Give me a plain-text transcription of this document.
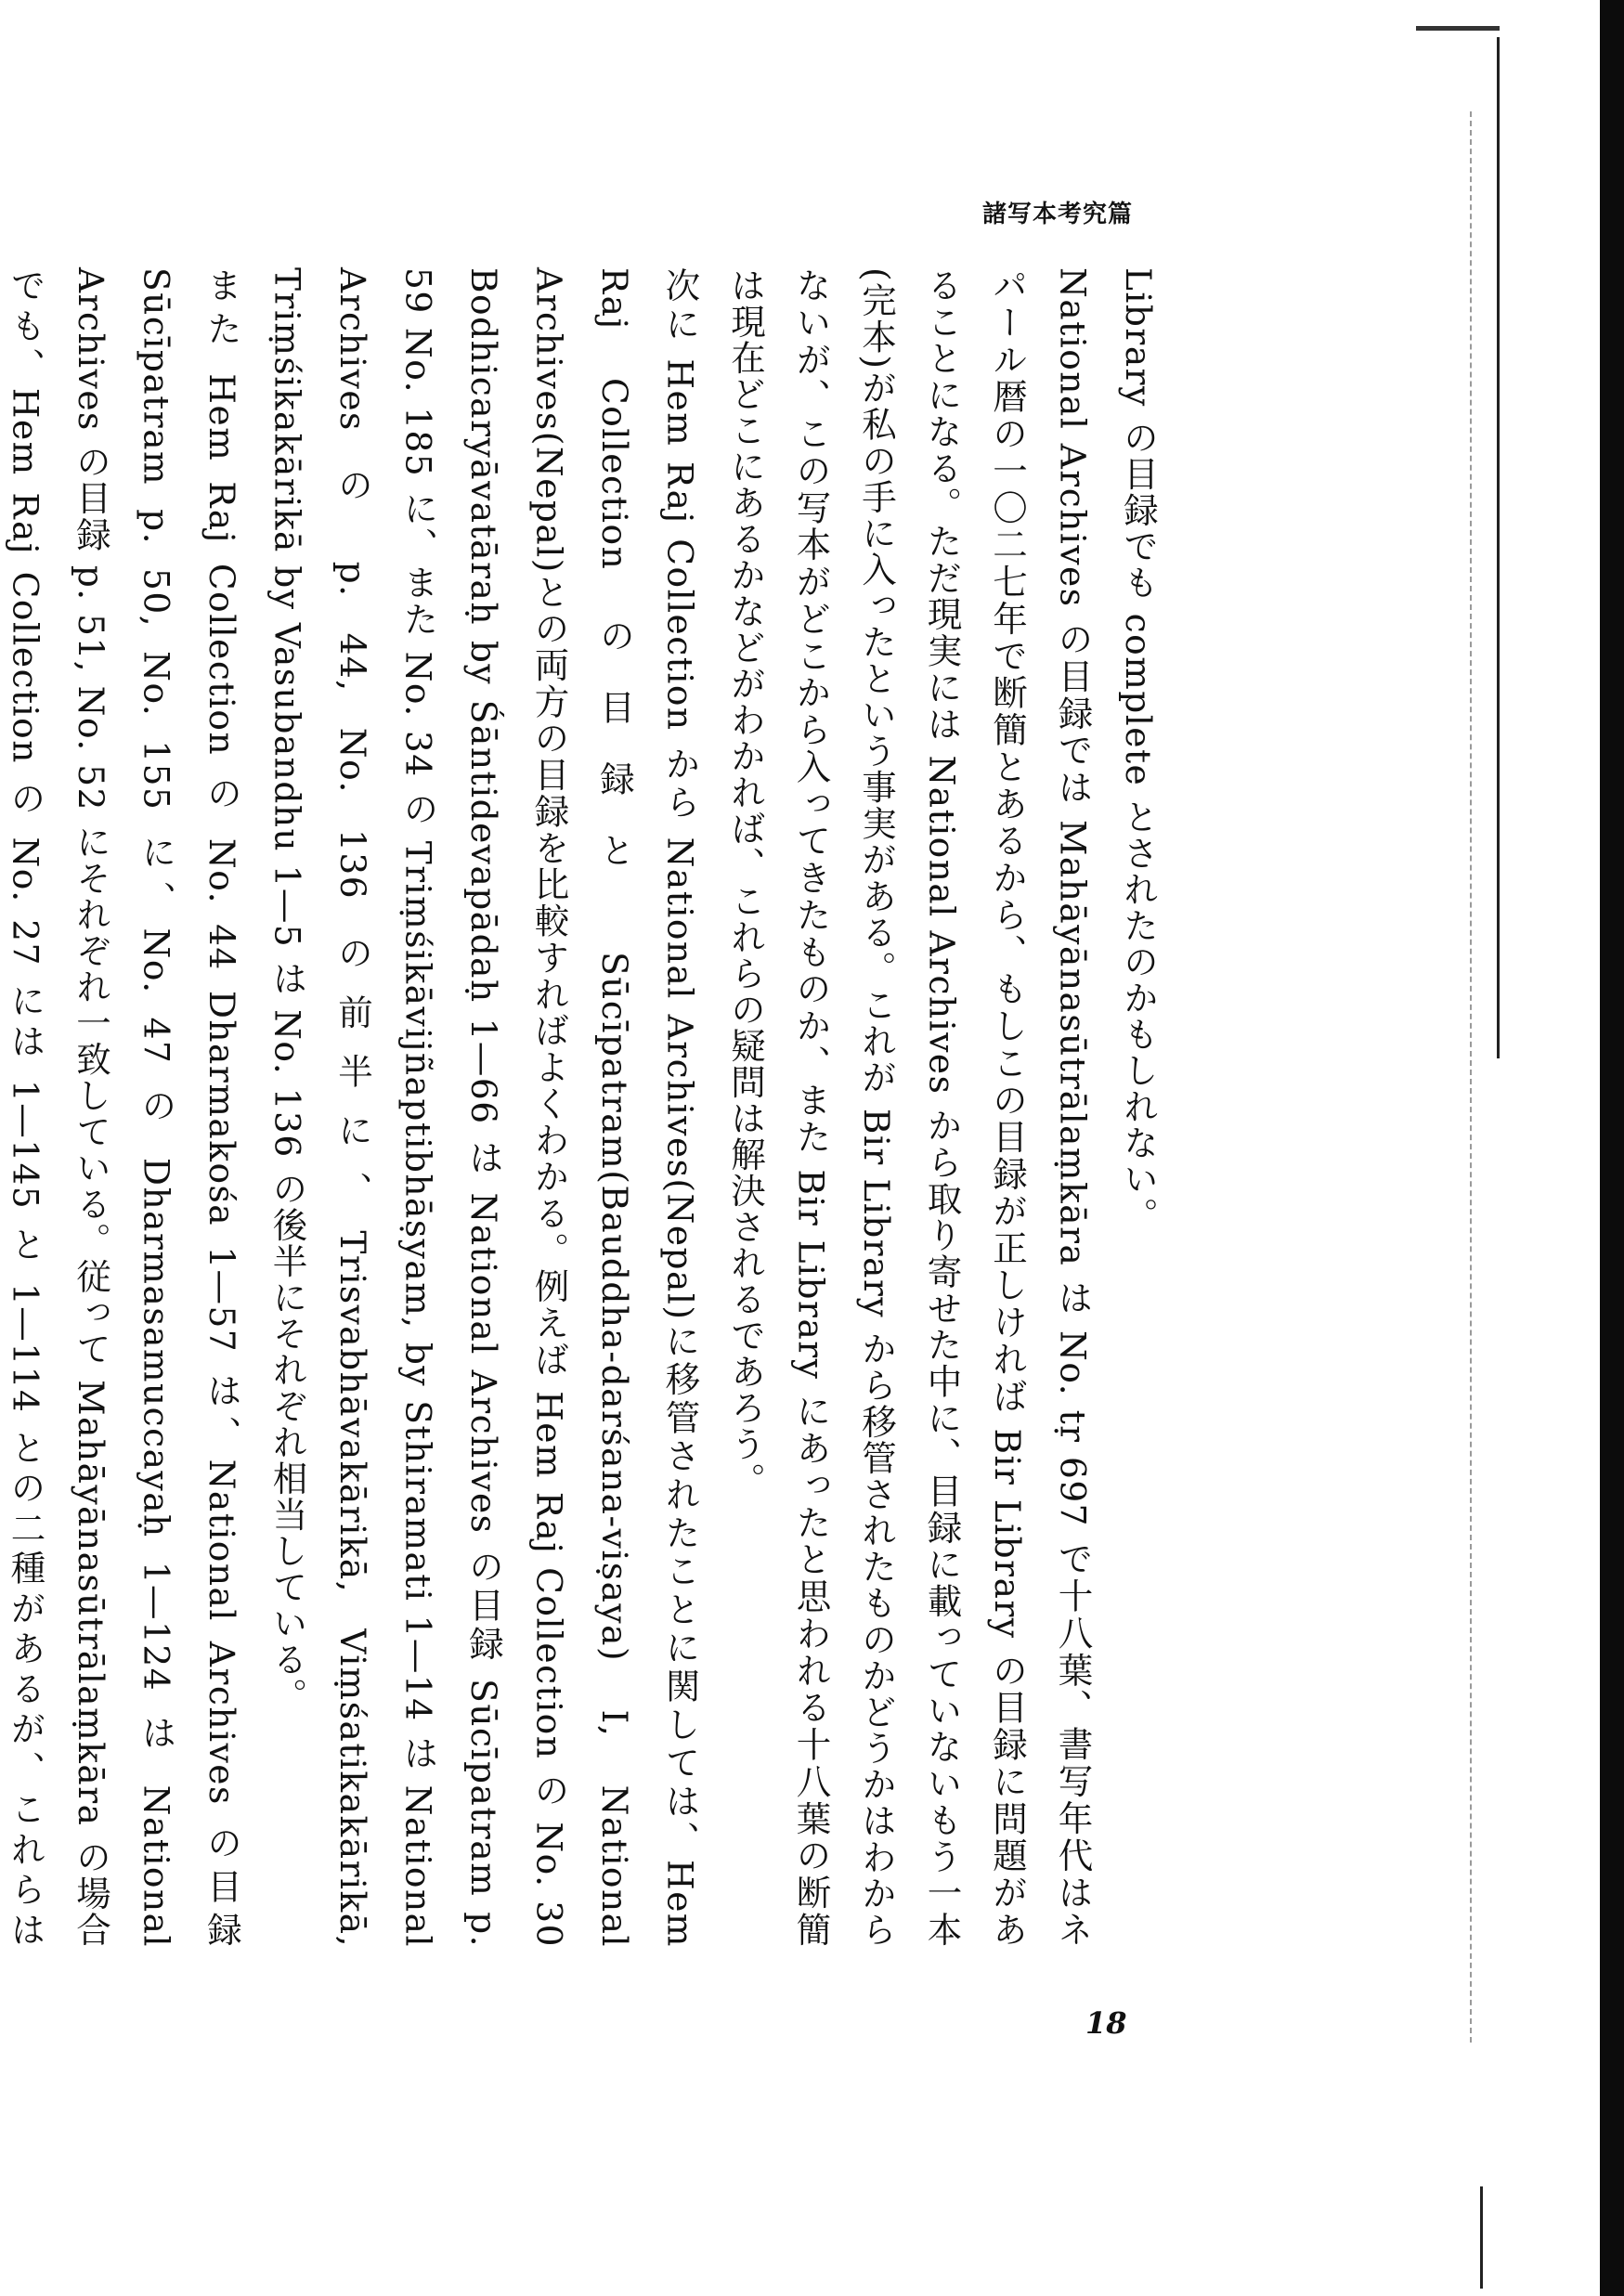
諸写本考究篇

Library の目録でも complete とされたのかもしれない。

National Archives の目録では Mahāyānasūtrālaṃkāra は No. tṛ 697 で十八葉、書写年代はネパール暦の一〇二七年で断簡とあるから、もしこの目録が正しければ Bir Library の目録に問題があることになる。ただ現実には National Archives から取り寄せた中に、目録に載っていないもう一本(完本)が私の手に入ったという事実がある。これが Bir Library から移管されたものかどうかはわからないが、この写本がどこから入ってきたものか、また Bir Library にあったと思われる十八葉の断簡は現在どこにあるかなどがわかれば、これらの疑問は解決されるであろう。

次に Hem Raj Collection から National Archives(Nepal)に移管されたことに関しては、Hem Raj Collection の目録と Sūcīpatram(Bauddha-darśana-viṣaya) I, National Archives(Nepal)との両方の目録を比較すればよくわかる。例えば Hem Raj Collection の No. 30 Bodhicaryāvatāraḥ by Śāntidevapādaḥ 1—66 は National Archives の目録 Sūcīpatram p. 59 No. 185 に、また No. 34 の Triṃśikāvijñaptibhāṣyam, by Sthiramati 1—14 は National Archives の p. 44, No. 136 の前半に、Trisvabhāvakārikā, Viṃśatikakārikā, Triṃśikakārikā by Vasubandhu 1—5 は No. 136 の後半にそれぞれ相当している。

また Hem Raj Collection の No. 44 Dharmakośa 1—57 は、National Archives の目録 Sūcīpatram p. 50, No. 155 に、No. 47 の Dharmasamuccayaḥ 1—124 は National Archives の目録 p. 51, No. 52 にそれぞれ一致している。従って Mahāyānasūtrālaṃkāra の場合でも、Hem Raj Collection の No. 27 には 1—145 と 1—114 との二種があるが、これらは

18
